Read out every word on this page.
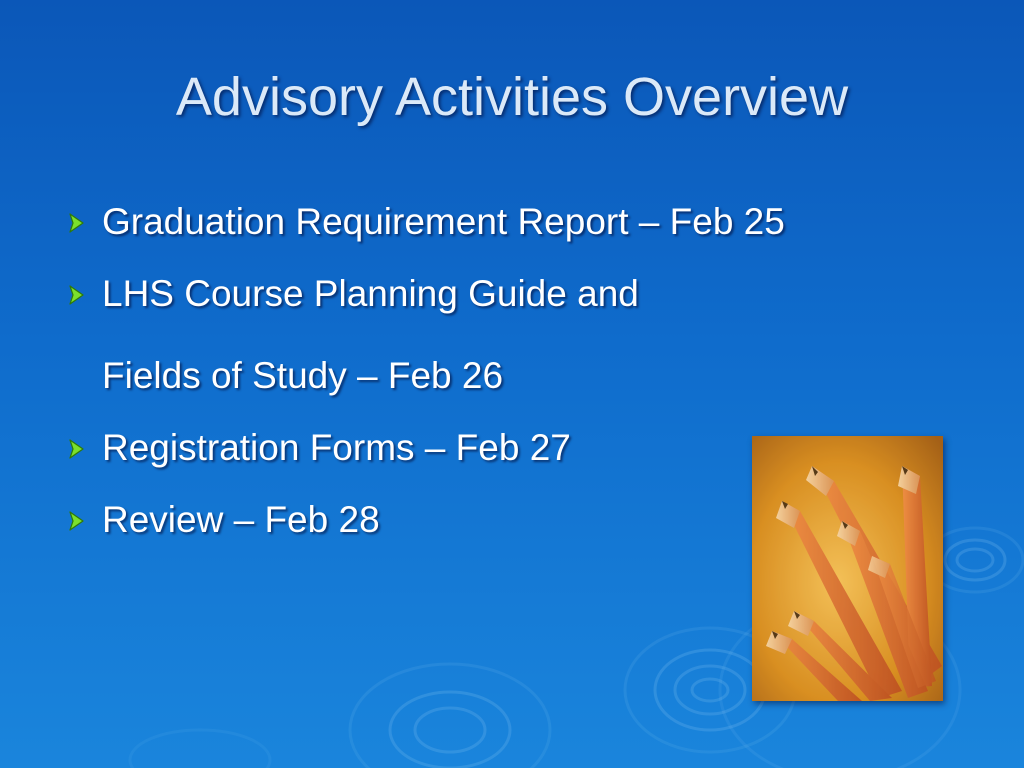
Advisory Activities Overview
Graduation Requirement Report – Feb 25
LHS Course Planning Guide and
Fields of Study – Feb 26
Registration Forms – Feb 27
Review – Feb 28
